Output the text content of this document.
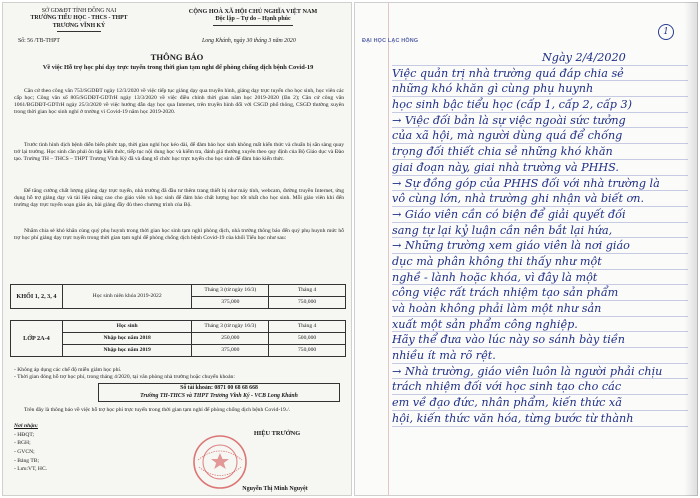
SỞ GD&ĐT TỈNH ĐỒNG NAI
TRƯỜNG TIỂU HỌC - THCS - THPT
TRƯƠNG VĨNH KÝ
CỘNG HOÀ XÃ HỘI CHỦ NGHĨA VIỆT NAM
Độc lập – Tự do – Hạnh phúc
Số: 56 /TB-THPT	Long Khánh, ngày 30 tháng 3 năm 2020
THÔNG BÁO
Về việc Hỗ trợ học phí dạy trực tuyến trong thời gian tạm nghỉ để phòng chống dịch bệnh Covid-19
Căn cứ theo công văn 753/SGDĐT ngày 12/3/2020 về việc tiếp tục giảng dạy qua truyền hình, giảng dạy trực tuyến cho học sinh, học viên các cấp học; Công văn số 805/SGDĐT-GDTrH ngày 13/3/2020 về việc điều chỉnh thời gian năm học 2019-2020 (lần 2); Căn cứ công văn 1061/BGDĐT-GDTrH ngày 25/3/2020 về việc hướng dẫn dạy học qua Internet, trên truyền hình đối với CSGD phổ thông, CSGD thường xuyên trong thời gian học sinh nghỉ ở trường vì Covid-19 năm học 2019-2020.
Trước tình hình dịch bệnh diễn biến phức tạp, thời gian nghỉ học kéo dài, để đảm bảo học sinh không mất kiến thức và chuẩn bị sẵn sàng quay trở lại trường. Học sinh cần phải ôn tập kiến thức, tiếp tục nội dung học và kiểm tra, đánh giá thường xuyên theo quy định của Bộ Giáo dục và Đào tạo. Trường TH – THCS – THPT Trương Vĩnh Ký đã và đang tổ chức học trực tuyến cho học sinh để đảm bảo kiến thức.
Để tăng cường chất lượng giảng dạy trực tuyến, nhà trường đã đầu tư thêm trang thiết bị như máy tính, webcam, đường truyền Internet, ứng dụng hỗ trợ giảng dạy và tài liệu nâng cao cho giáo viên và học sinh để đảm bảo chất lượng học tốt nhất cho học sinh. Mỗi giáo viên khi đến trường dạy trực tuyến soạn giáo án, bài giảng đầy đủ theo chương trình của Bộ.
Nhằm chia sẻ khó khăn cùng quý phụ huynh trong thời gian học sinh tạm nghỉ phòng dịch, nhà trường thông báo đến quý phụ huynh mức hỗ trợ học phí giảng dạy trực tuyến trong thời gian tạm nghỉ để phòng chống dịch bệnh Covid-19 của khối Tiểu học như sau:
KHỐI 1, 2, 3, 4	Học sinh niên khóa 2019-2022	Tháng 3 (từ ngày 16/3)	Tháng 4
		375,000	750,000
LỚP 2A-4	Học sinh	Tháng 3 (từ ngày 16/3)	Tháng 4
	Nhập học năm 2018	250,000	500,000
	Nhập học năm 2019	375,000	750,000
- Không áp dụng các chế độ miễn giảm học phí.
- Thời gian đóng hỗ trợ học phí, trong tháng 4/2020, tại văn phòng nhà trường hoặc chuyển khoản:
Số tài khoản: 0871 00 68 68 668
Trường TH-THCS và THPT Trương Vĩnh Ký - VCB Long Khánh
Trên đây là thông báo về việc hỗ trợ học phí trực tuyến trong thời gian tạm nghỉ để phòng chống dịch bệnh Covid-19./.
Nơi nhận:
- HĐQT;
- BGH;
- GVCN;
- Bảng TB;
- Lưu:VT, HC.
HIỆU TRƯỞNG
Nguyễn Thị Minh Nguyệt
ĐẠI HỌC LẠC HỒNG
1
Ngày 2/4/2020
Việc quản trị nhà trường quá đáp chia sẻ
những khó khăn gì cùng phụ huynh
học sinh bậc tiểu học (cấp 1, cấp 2, cấp 3)
→ Việc đối bản là sự việc ngoài sức tưởng
của xã hội, mà người dùng quá để chống
trọng đối thiết chia sẻ những khó khăn
giai đoạn này, giai nhà trường và PHHS.
→ Sự đồng góp của PHHS đối với nhà trường là
vô cùng lớn, nhà trường ghi nhận và biết ơn.
→ Giáo viên cần có biện để giải quyết đối
sang tự lại kỷ luận cần nên bắt lại hứa,
→ Những trường xem giáo viên là nơi giáo
dục mà phân không thi thấy như một
nghề - lành hoặc khóa, vì đây là một
công việc rất trách nhiệm tạo sản phẩm
và hoàn không phải làm một như sản
xuất một sản phẩm công nghiệp.
Hãy thể đưa vào lúc này so sánh bày tiền
nhiều ít mà rõ rệt.
→ Nhà trường, giáo viên luôn là người phải chịu
trách nhiệm đối với học sinh tạo cho các
em về đạo đức, nhân phẩm, kiến thức xã
hội, kiến thức văn hóa, từng bước từ thành
